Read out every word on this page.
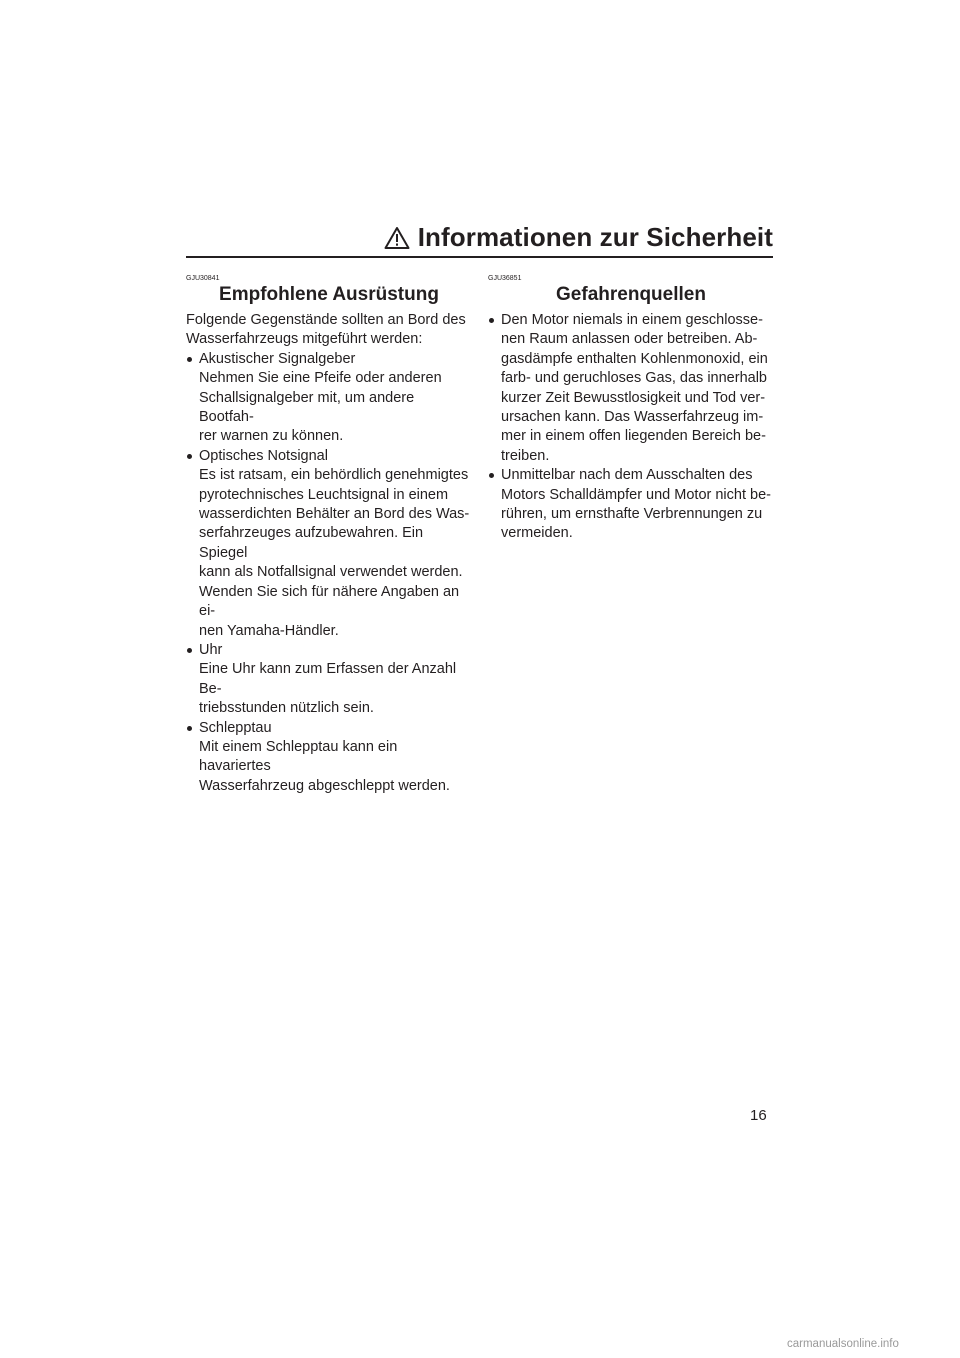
Informationen zur Sicherheit
GJU30841
Empfohlene Ausrüstung
Folgende Gegenstände sollten an Bord des
Wasserfahrzeugs mitgeführt werden:
Akustischer Signalgeber
Nehmen Sie eine Pfeife oder anderen
Schallsignalgeber mit, um andere Bootfah-
rer warnen zu können.
Optisches Notsignal
Es ist ratsam, ein behördlich genehmigtes
pyrotechnisches Leuchtsignal in einem
wasserdichten Behälter an Bord des Was-
serfahrzeuges aufzubewahren. Ein Spiegel
kann als Notfallsignal verwendet werden.
Wenden Sie sich für nähere Angaben an ei-
nen Yamaha-Händler.
Uhr
Eine Uhr kann zum Erfassen der Anzahl Be-
triebsstunden nützlich sein.
Schlepptau
Mit einem Schlepptau kann ein havariertes
Wasserfahrzeug abgeschleppt werden.
GJU36851
Gefahrenquellen
Den Motor niemals in einem geschlosse-
nen Raum anlassen oder betreiben. Ab-
gasdämpfe enthalten Kohlenmonoxid, ein
farb- und geruchloses Gas, das innerhalb
kurzer Zeit Bewusstlosigkeit und Tod ver-
ursachen kann. Das Wasserfahrzeug im-
mer in einem offen liegenden Bereich be-
treiben.
Unmittelbar nach dem Ausschalten des
Motors Schalldämpfer und Motor nicht be-
rühren, um ernsthafte Verbrennungen zu
vermeiden.
16
carmanualsonline.info
